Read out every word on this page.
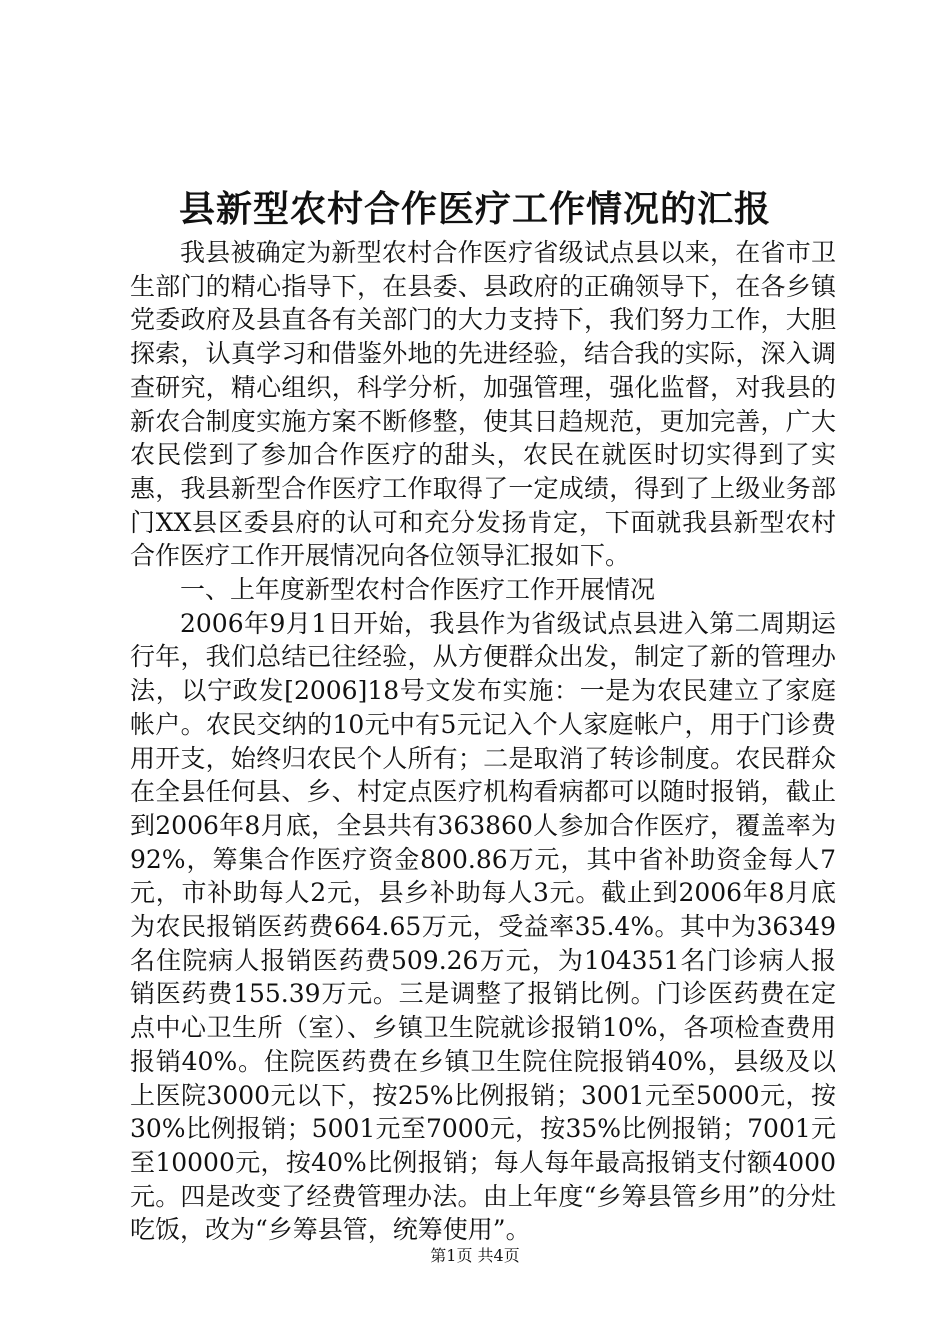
县新型农村合作医疗工作情况的汇报

我县被确定为新型农村合作医疗省级试点县以来，在省市卫生部门的精心指导下，在县委、县政府的正确领导下，在各乡镇党委政府及县直各有关部门的大力支持下，我们努力工作，大胆探索，认真学习和借鉴外地的先进经验，结合我的实际，深入调查研究，精心组织，科学分析，加强管理，强化监督，对我县的新农合制度实施方案不断修整，使其日趋规范，更加完善，广大农民偿到了参加合作医疗的甜头，农民在就医时切实得到了实惠，我县新型合作医疗工作取得了一定成绩，得到了上级业务部门XX县区委县府的认可和充分发扬肯定，下面就我县新型农村合作医疗工作开展情况向各位领导汇报如下。

一、上年度新型农村合作医疗工作开展情况

2006年9月1日开始，我县作为省级试点县进入第二周期运行年，我们总结已往经验，从方便群众出发，制定了新的管理办法，以宁政发[2006]18号文发布实施：一是为农民建立了家庭帐户。农民交纳的10元中有5元记入个人家庭帐户，用于门诊费用开支，始终归农民个人所有；二是取消了转诊制度。农民群众在全县任何县、乡、村定点医疗机构看病都可以随时报销，截止到2006年8月底，全县共有363860人参加合作医疗，覆盖率为92%，筹集合作医疗资金800.86万元，其中省补助资金每人7元，市补助每人2元，县乡补助每人3元。截止到2006年8月底为农民报销医药费664.65万元，受益率35.4%。其中为36349名住院病人报销医药费509.26万元，为104351名门诊病人报销医药费155.39万元。三是调整了报销比例。门诊医药费在定点中心卫生所（室）、乡镇卫生院就诊报销10%，各项检查费用报销40%。住院医药费在乡镇卫生院住院报销40%，县级及以上医院3000元以下，按25%比例报销；3001元至5000元，按30%比例报销；5001元至7000元，按35%比例报销；7001元至10000元，按40%比例报销；每人每年最高报销支付额4000元。四是改变了经费管理办法。由上年度“乡筹县管乡用”的分灶吃饭，改为“乡筹县管，统筹使用”。

第1页 共4页
